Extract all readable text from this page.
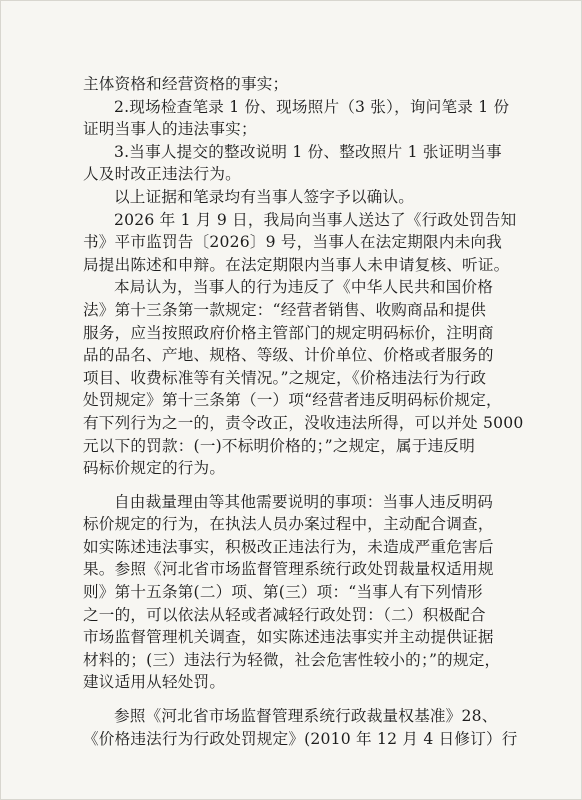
主体资格和经营资格的事实；
2.现场检查笔录 1 份、现场照片（3 张），询问笔录 1 份
证明当事人的违法事实；
3.当事人提交的整改说明 1 份、整改照片 1 张证明当事
人及时改正违法行为。
以上证据和笔录均有当事人签字予以确认。
2026 年 1 月 9 日，我局向当事人送达了《行政处罚告知
书》平市监罚告〔2026〕9 号，当事人在法定期限内未向我
局提出陈述和申辩。在法定期限内当事人未申请复核、听证。
本局认为，当事人的行为违反了《中华人民共和国价格
法》第十三条第一款规定：“经营者销售、收购商品和提供
服务，应当按照政府价格主管部门的规定明码标价，注明商
品的品名、产地、规格、等级、计价单位、价格或者服务的
项目、收费标准等有关情况。”之规定，《价格违法行为行政
处罚规定》第十三条第（一）项“经营者违反明码标价规定，
有下列行为之一的，责令改正，没收违法所得，可以并处 5000
元以下的罚款：(一)不标明价格的；”之规定，属于违反明
码标价规定的行为。
自由裁量理由等其他需要说明的事项：当事人违反明码
标价规定的行为，在执法人员办案过程中，主动配合调查，
如实陈述违法事实，积极改正违法行为，未造成严重危害后
果。参照《河北省市场监督管理系统行政处罚裁量权适用规
则》第十五条第(二）项、第(三）项：“当事人有下列情形
之一的，可以依法从轻或者减轻行政处罚：（二）积极配合
市场监督管理机关调查，如实陈述违法事实并主动提供证据
材料的；(三）违法行为轻微，社会危害性较小的；”的规定，
建议适用从轻处罚。
参照《河北省市场监督管理系统行政裁量权基准》28、
《价格违法行为行政处罚规定》(2010 年 12 月 4 日修订）行
